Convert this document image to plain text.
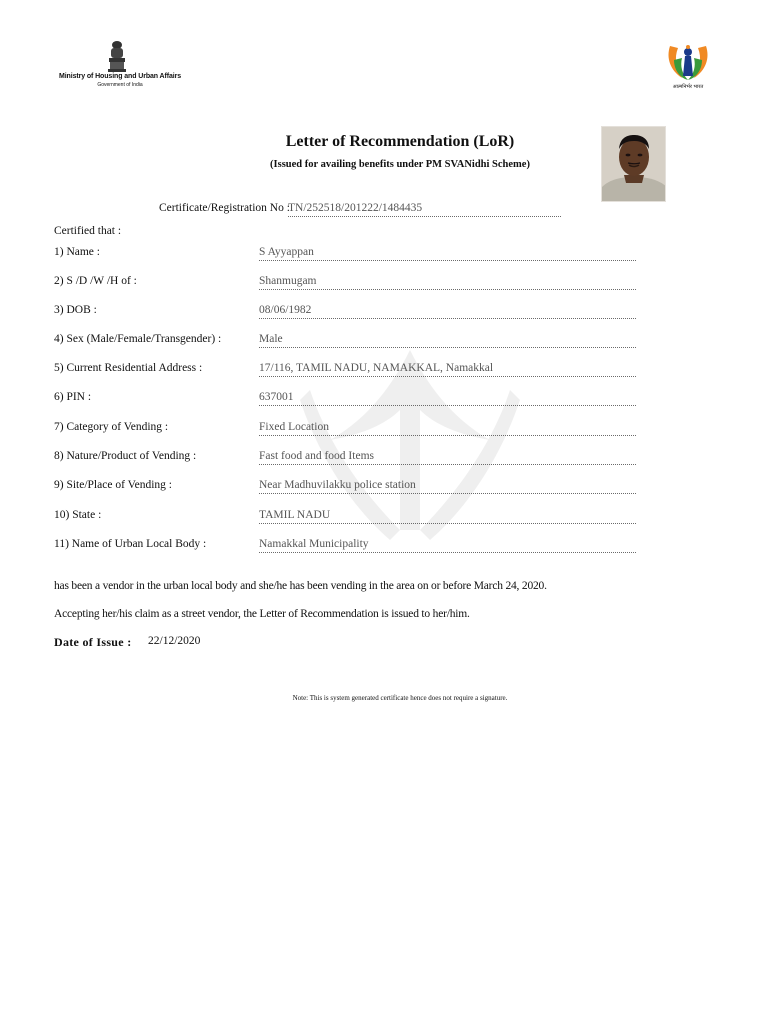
Ministry of Housing and Urban Affairs
Government of India	आत्मनिर्भर भारत
Letter of Recommendation (LoR)
(Issued for availing benefits under PM SVANidhi Scheme)
Certificate/Registration No :
TN/252518/201222/1484435
Certified that :
1) Name :	S Ayyappan
2) S /D /W /H of :	Shanmugam
3) DOB :	08/06/1982
4) Sex (Male/Female/Transgender) :	Male
5) Current Residential Address :	17/116, TAMIL NADU, NAMAKKAL, Namakkal
6) PIN :	637001
7) Category of Vending :	Fixed Location
8) Nature/Product of Vending :	Fast food and food Items
9) Site/Place of Vending :	Near Madhuvilakku police station
10) State :	TAMIL NADU
11) Name of Urban Local Body :	Namakkal Municipality
has been a vendor in the urban local body and she/he has been vending in the area on or before March 24, 2020.
Accepting her/his claim as a street vendor, the Letter of Recommendation is issued to her/him.
Date of Issue : 22/12/2020
Note: This is system generated certificate hence does not require a signature.
